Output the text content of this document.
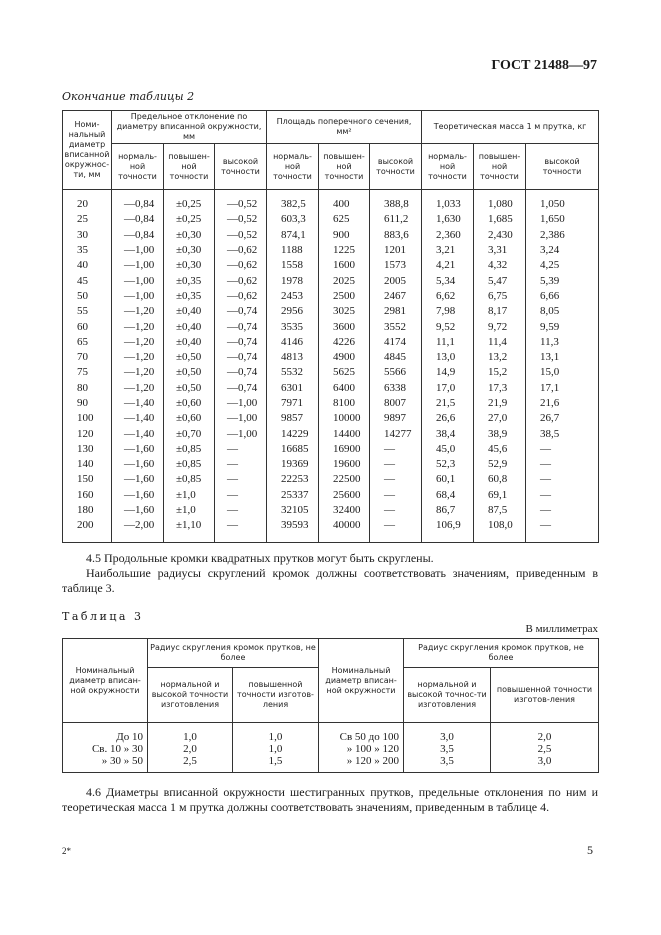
ГОСТ 21488—97
Окончание таблицы 2
Номи-нальный диаметр вписанной окружнос-ти, мм	Предельное отклонение по диаметру вписанной окружности, мм			Площадь поперечного сечения, мм²			Теоретическая масса 1 м прутка, кг		
	нормаль-ной точности	повышен-ной точности	высокой точности	нормаль-ной точности	повышен-ной точности	высокой точности	нормаль-ной точности	повышен-ной точности	высокой точности
20	—0,84	±0,25	—0,52	382,5	400	388,8	1,033	1,080	1,050
25	—0,84	±0,25	—0,52	603,3	625	611,2	1,630	1,685	1,650
30	—0,84	±0,30	—0,52	874,1	900	883,6	2,360	2,430	2,386
35	—1,00	±0,30	—0,62	1188	1225	1201	3,21	3,31	3,24
40	—1,00	±0,30	—0,62	1558	1600	1573	4,21	4,32	4,25
45	—1,00	±0,35	—0,62	1978	2025	2005	5,34	5,47	5,39
50	—1,00	±0,35	—0,62	2453	2500	2467	6,62	6,75	6,66
55	—1,20	±0,40	—0,74	2956	3025	2981	7,98	8,17	8,05
60	—1,20	±0,40	—0,74	3535	3600	3552	9,52	9,72	9,59
65	—1,20	±0,40	—0,74	4146	4226	4174	11,1	11,4	11,3
70	—1,20	±0,50	—0,74	4813	4900	4845	13,0	13,2	13,1
75	—1,20	±0,50	—0,74	5532	5625	5566	14,9	15,2	15,0
80	—1,20	±0,50	—0,74	6301	6400	6338	17,0	17,3	17,1
90	—1,40	±0,60	—1,00	7971	8100	8007	21,5	21,9	21,6
100	—1,40	±0,60	—1,00	9857	10000	9897	26,6	27,0	26,7
120	—1,40	±0,70	—1,00	14229	14400	14277	38,4	38,9	38,5
130	—1,60	±0,85	—	16685	16900	—	45,0	45,6	—
140	—1,60	±0,85	—	19369	19600	—	52,3	52,9	—
150	—1,60	±0,85	—	22253	22500	—	60,1	60,8	—
160	—1,60	±1,0	—	25337	25600	—	68,4	69,1	—
180	—1,60	±1,0	—	32105	32400	—	86,7	87,5	—
200	—2,00	±1,10	—	39593	40000	—	106,9	108,0	—
4.5 Продольные кромки квадратных прутков могут быть скруглены.
Наибольшие радиусы скруглений кромок должны соответствовать значениям, приведенным в таблице 3.
Таблица 3
В миллиметрах
Номинальный диаметр вписан-ной окружности	Радиус скругления кромок прутков, не более		Номинальный диаметр вписан-ной окружности	Радиус скругления кромок прутков, не более	
	нормальной и высокой точности изготовления	повышенной точности изготов-ления		нормальной и высокой точнос-ти изготовления	повышенной точности изготов-ления
До 10	1,0	1,0	Св 50 до 100	3,0	2,0
Св. 10 » 30	2,0	1,0	» 100 » 120	3,5	2,5
» 30 » 50	2,5	1,5	» 120 » 200	3,5	3,0
4.6 Диаметры вписанной окружности шестигранных прутков, предельные отклонения по ним и теоретическая масса 1 м прутка должны соответствовать значениям, приведенным в таблице 4.
2*	5
